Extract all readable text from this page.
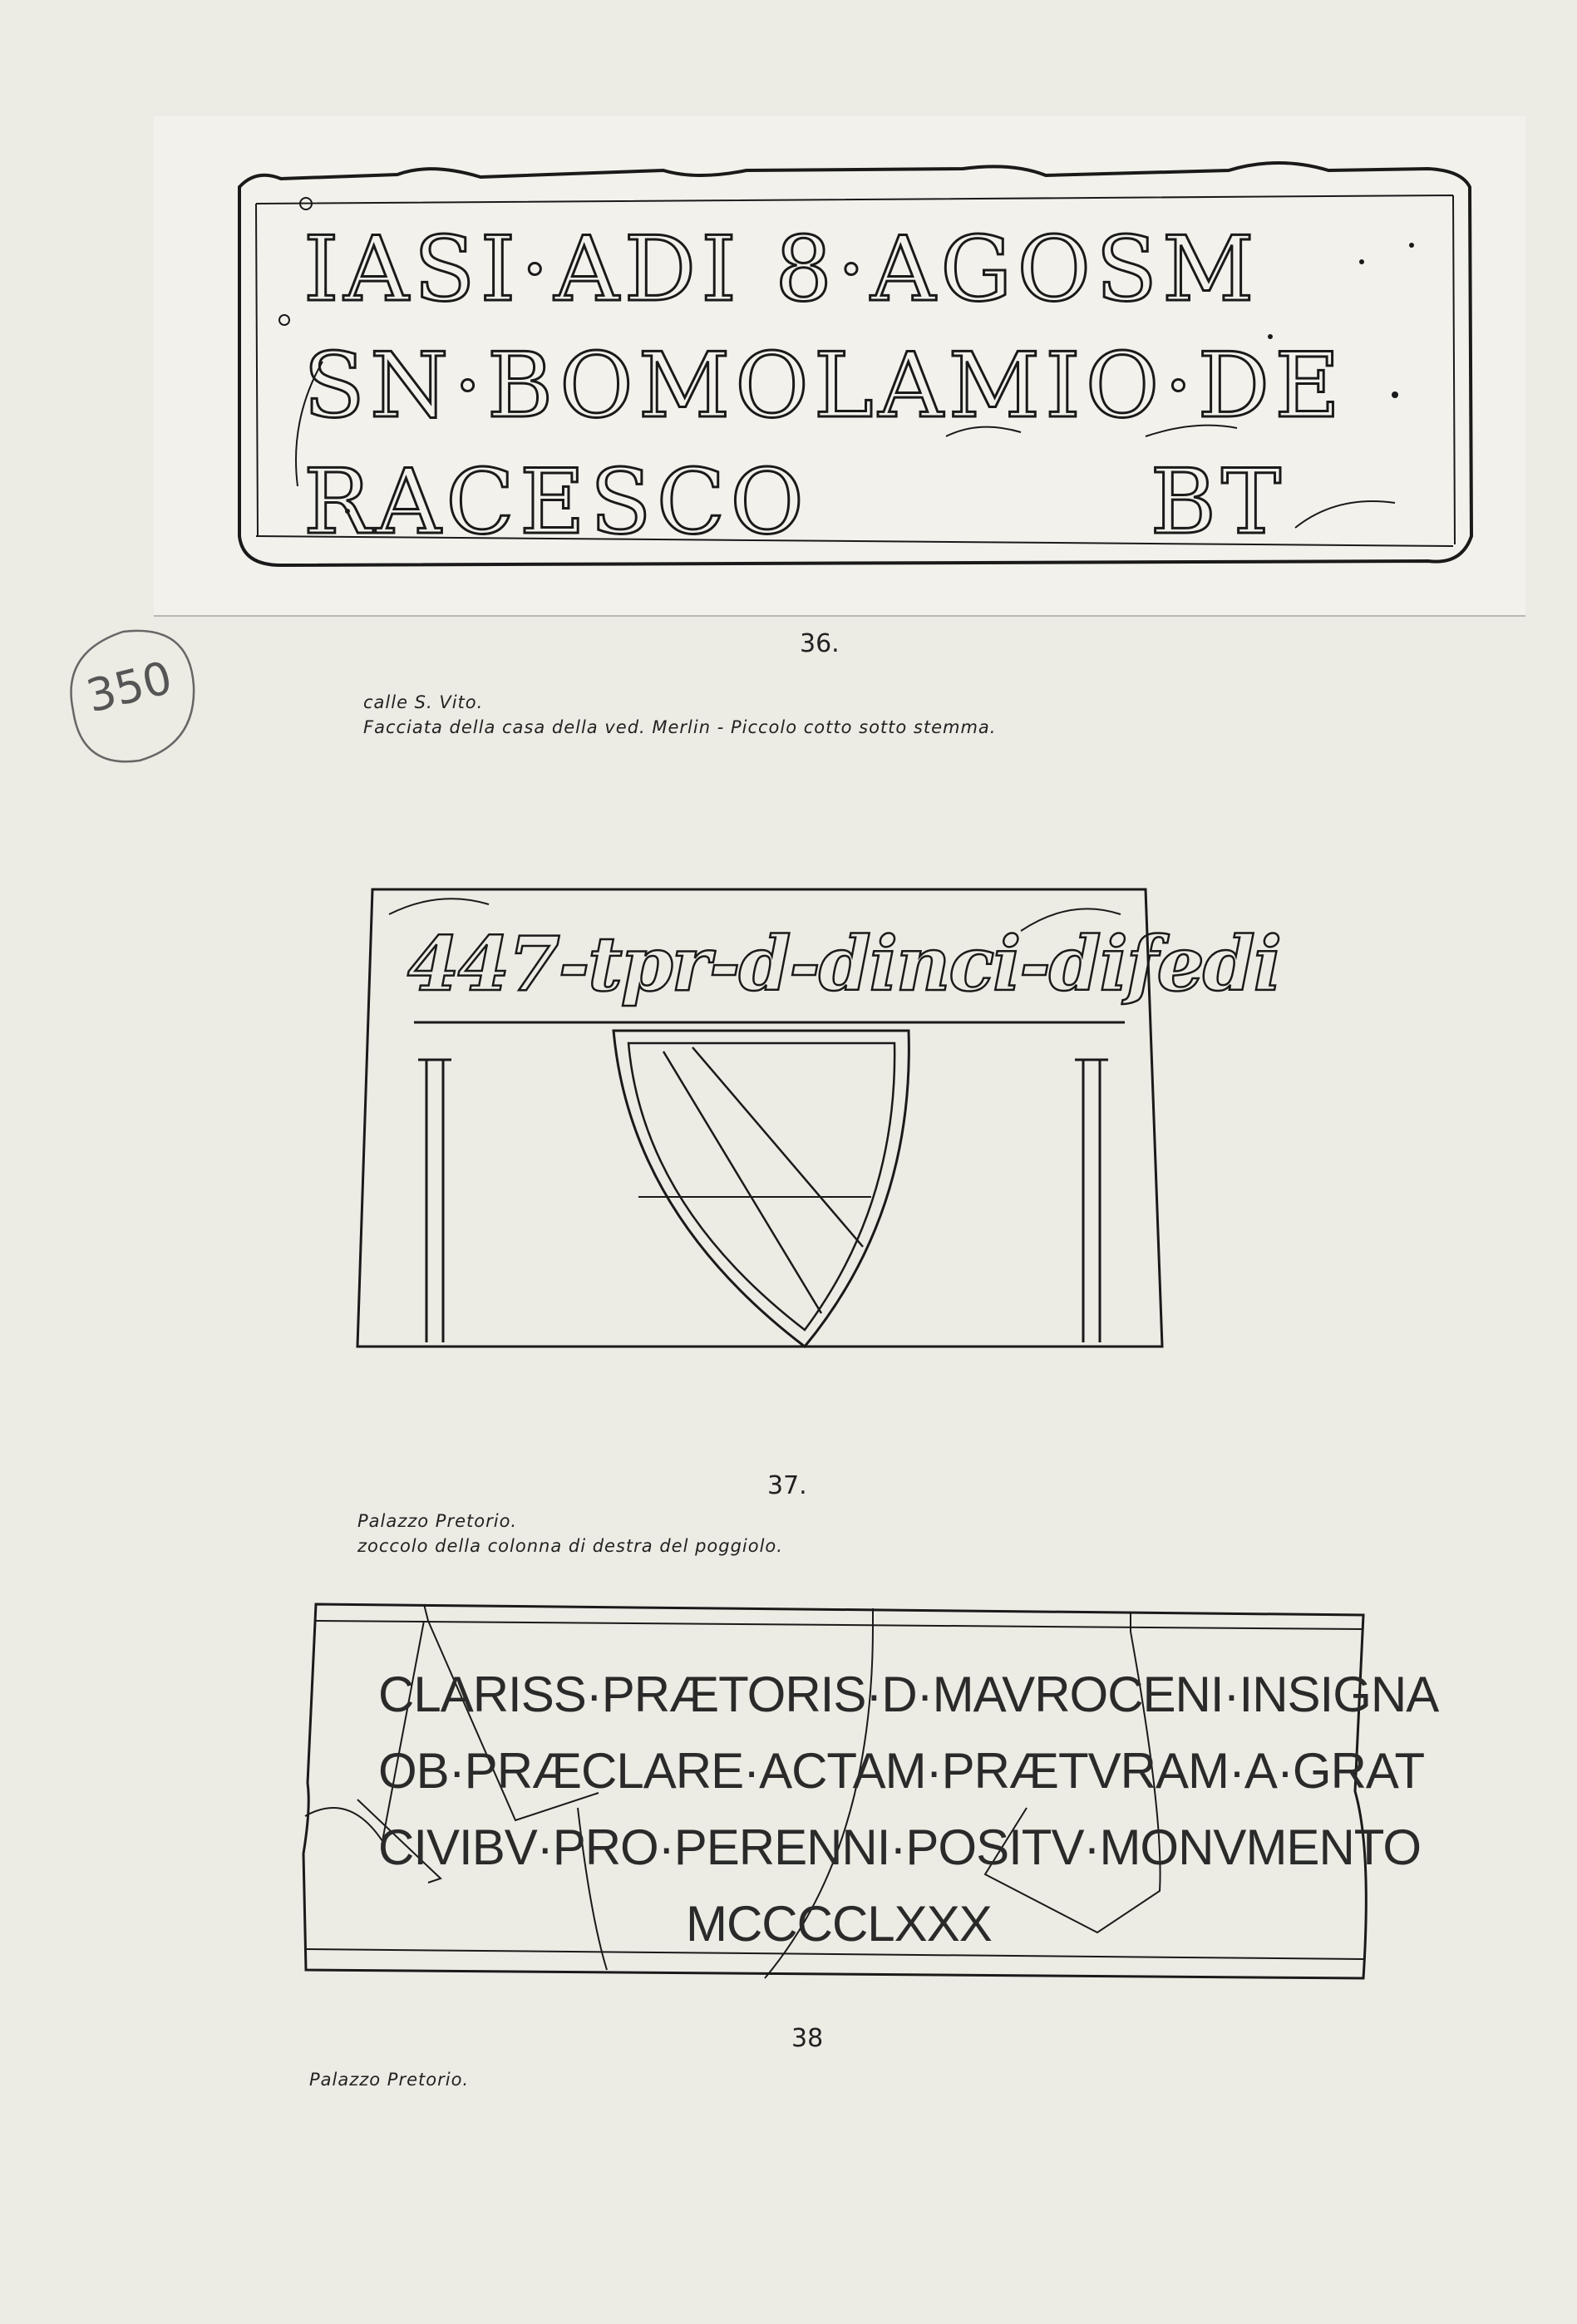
IASI·ADI 8·AGOSM
SN·BOMOLAMIO·DE
RACESCO	BT
36.
calle S. Vito.
Facciata della casa della ved. Merlin - Piccolo cotto sotto stemma.
350
447-tpr-d-dinci-difedi
37.
Palazzo Pretorio.
zoccolo della colonna di destra del poggiolo.
CLARISS·PRÆTORIS·D·MAVROCENI·INSIGNA
OB·PRÆCLARE·ACTAM·PRÆTVRAM·A·GRAT
CIVIBV·PRO·PERENNI·POSITV·MONVMENTO
MCCCCLXXX
38
Palazzo Pretorio.
